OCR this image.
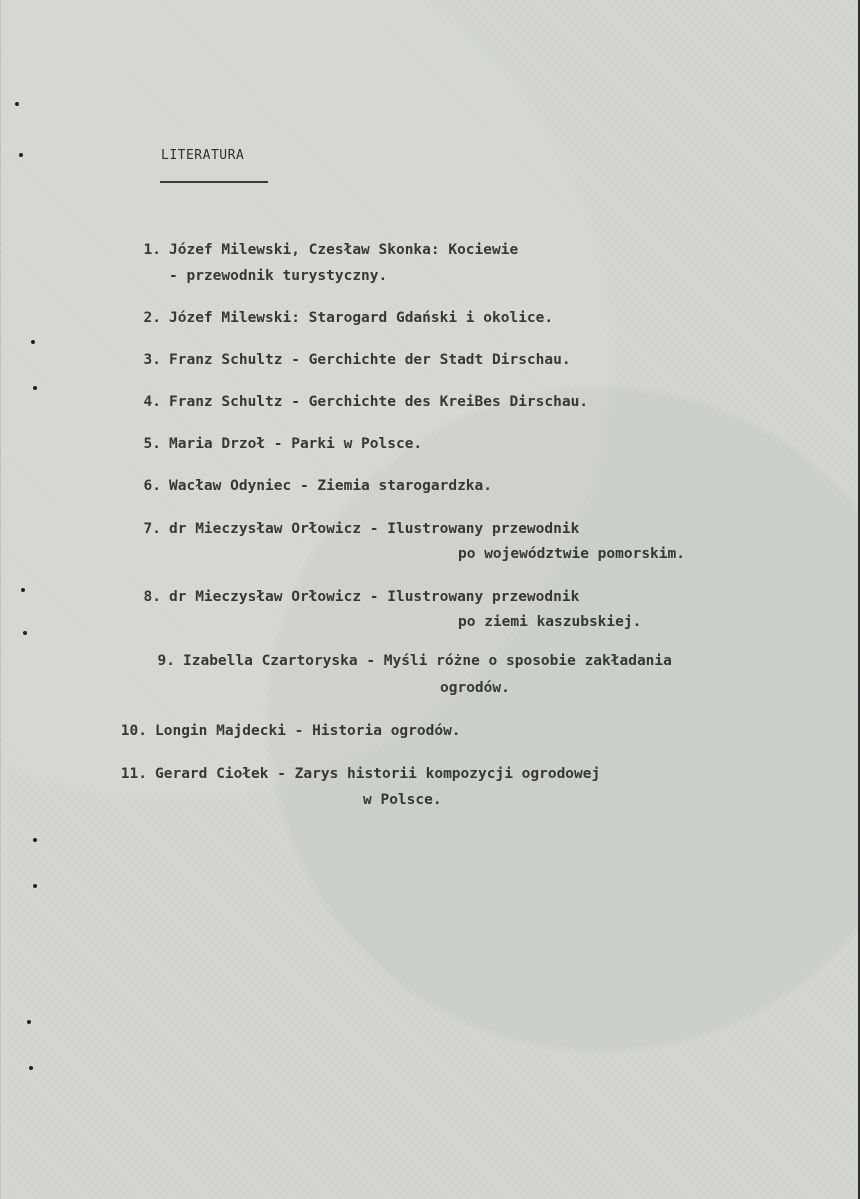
LITERATURA
1. Józef Milewski, Czesław Skonka: Kociewie
- przewodnik turystyczny.
2. Józef Milewski: Starogard Gdański i okolice.
3. Franz Schultz - Gerchichte der Stadt Dirschau.
4. Franz Schultz - Gerchichte des KreiBes Dirschau.
5. Maria Drzoł - Parki w Polsce.
6. Wacław Odyniec - Ziemia starogardzka.
7. dr Mieczysław Orłowicz - Ilustrowany przewodnik
po województwie pomorskim.
8. dr Mieczysław Orłowicz - Ilustrowany przewodnik
po ziemi kaszubskiej.
9. Izabella Czartoryska - Myśli różne o sposobie zakładania
ogrodów.
10. Longin Majdecki - Historia ogrodów.
11. Gerard Ciołek - Zarys historii kompozycji ogrodowej
w Polsce.
